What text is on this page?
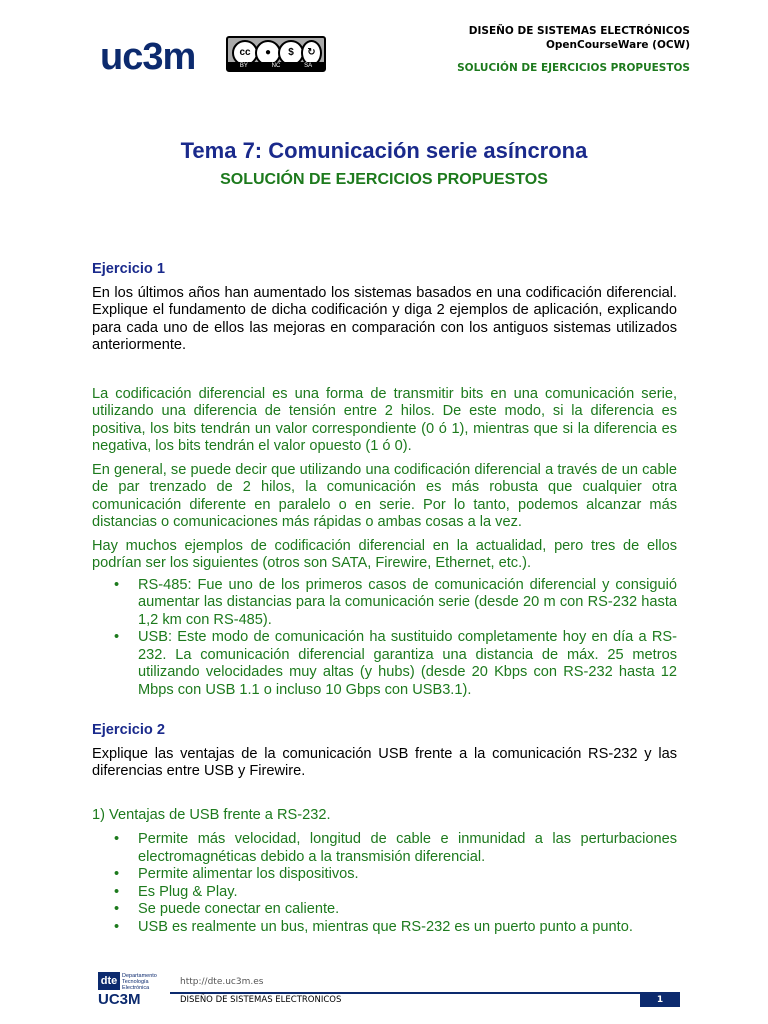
uc3m	cc	●	$	↻
BY	NC	SA
DISEÑO DE SISTEMAS ELECTRÓNICOS
OpenCourseWare (OCW)
SOLUCIÓN DE EJERCICIOS PROPUESTOS
Tema 7: Comunicación serie asíncrona
SOLUCIÓN DE EJERCICIOS PROPUESTOS

Ejercicio 1

En los últimos años han aumentado los sistemas basados en una codificación diferencial. Explique el fundamento de dicha codificación y diga 2 ejemplos de aplicación, explicando para cada uno de ellos las mejoras en comparación con los antiguos sistemas utilizados anteriormente.

La codificación diferencial es una forma de transmitir bits en una comunicación serie, utilizando una diferencia de tensión entre 2 hilos. De este modo, si la diferencia es positiva, los bits tendrán un valor correspondiente (0 ó 1), mientras que si la diferencia es negativa, los bits tendrán el valor opuesto (1 ó 0).

En general, se puede decir que utilizando una codificación diferencial a través de un cable de par trenzado de 2 hilos, la comunicación es más robusta que cualquier otra comunicación diferente en paralelo o en serie. Por lo tanto, podemos alcanzar más distancias o comunicaciones más rápidas o ambas cosas a la vez.

Hay muchos ejemplos de codificación diferencial en la actualidad, pero tres de ellos podrían ser los siguientes (otros son SATA, Firewire, Ethernet, etc.).

• RS-485: Fue uno de los primeros casos de comunicación diferencial y consiguió aumentar las distancias para la comunicación serie (desde 20 m con RS-232 hasta 1,2 km con RS-485).
• USB: Este modo de comunicación ha sustituido completamente hoy en día a RS-232. La comunicación diferencial garantiza una distancia de máx. 25 metros utilizando velocidades muy altas (y hubs) (desde 20 Kbps con RS-232 hasta 12 Mbps con USB 1.1 o incluso 10 Gbps con USB3.1).

Ejercicio 2

Explique las ventajas de la comunicación USB frente a la comunicación RS-232 y las diferencias entre USB y Firewire.

1) Ventajas de USB frente a RS-232.

• Permite más velocidad, longitud de cable e inmunidad a las perturbaciones electromagnéticas debido a la transmisión diferencial.
• Permite alimentar los dispositivos.
• Es Plug & Play.
• Se puede conectar en caliente.
• USB es realmente un bus, mientras que RS-232 es un puerto punto a punto.
dte Departamento
Tecnología
Electrónica
UC3M
http://dte.uc3m.es
DISEÑO DE SISTEMAS ELECTRONICOS	1
